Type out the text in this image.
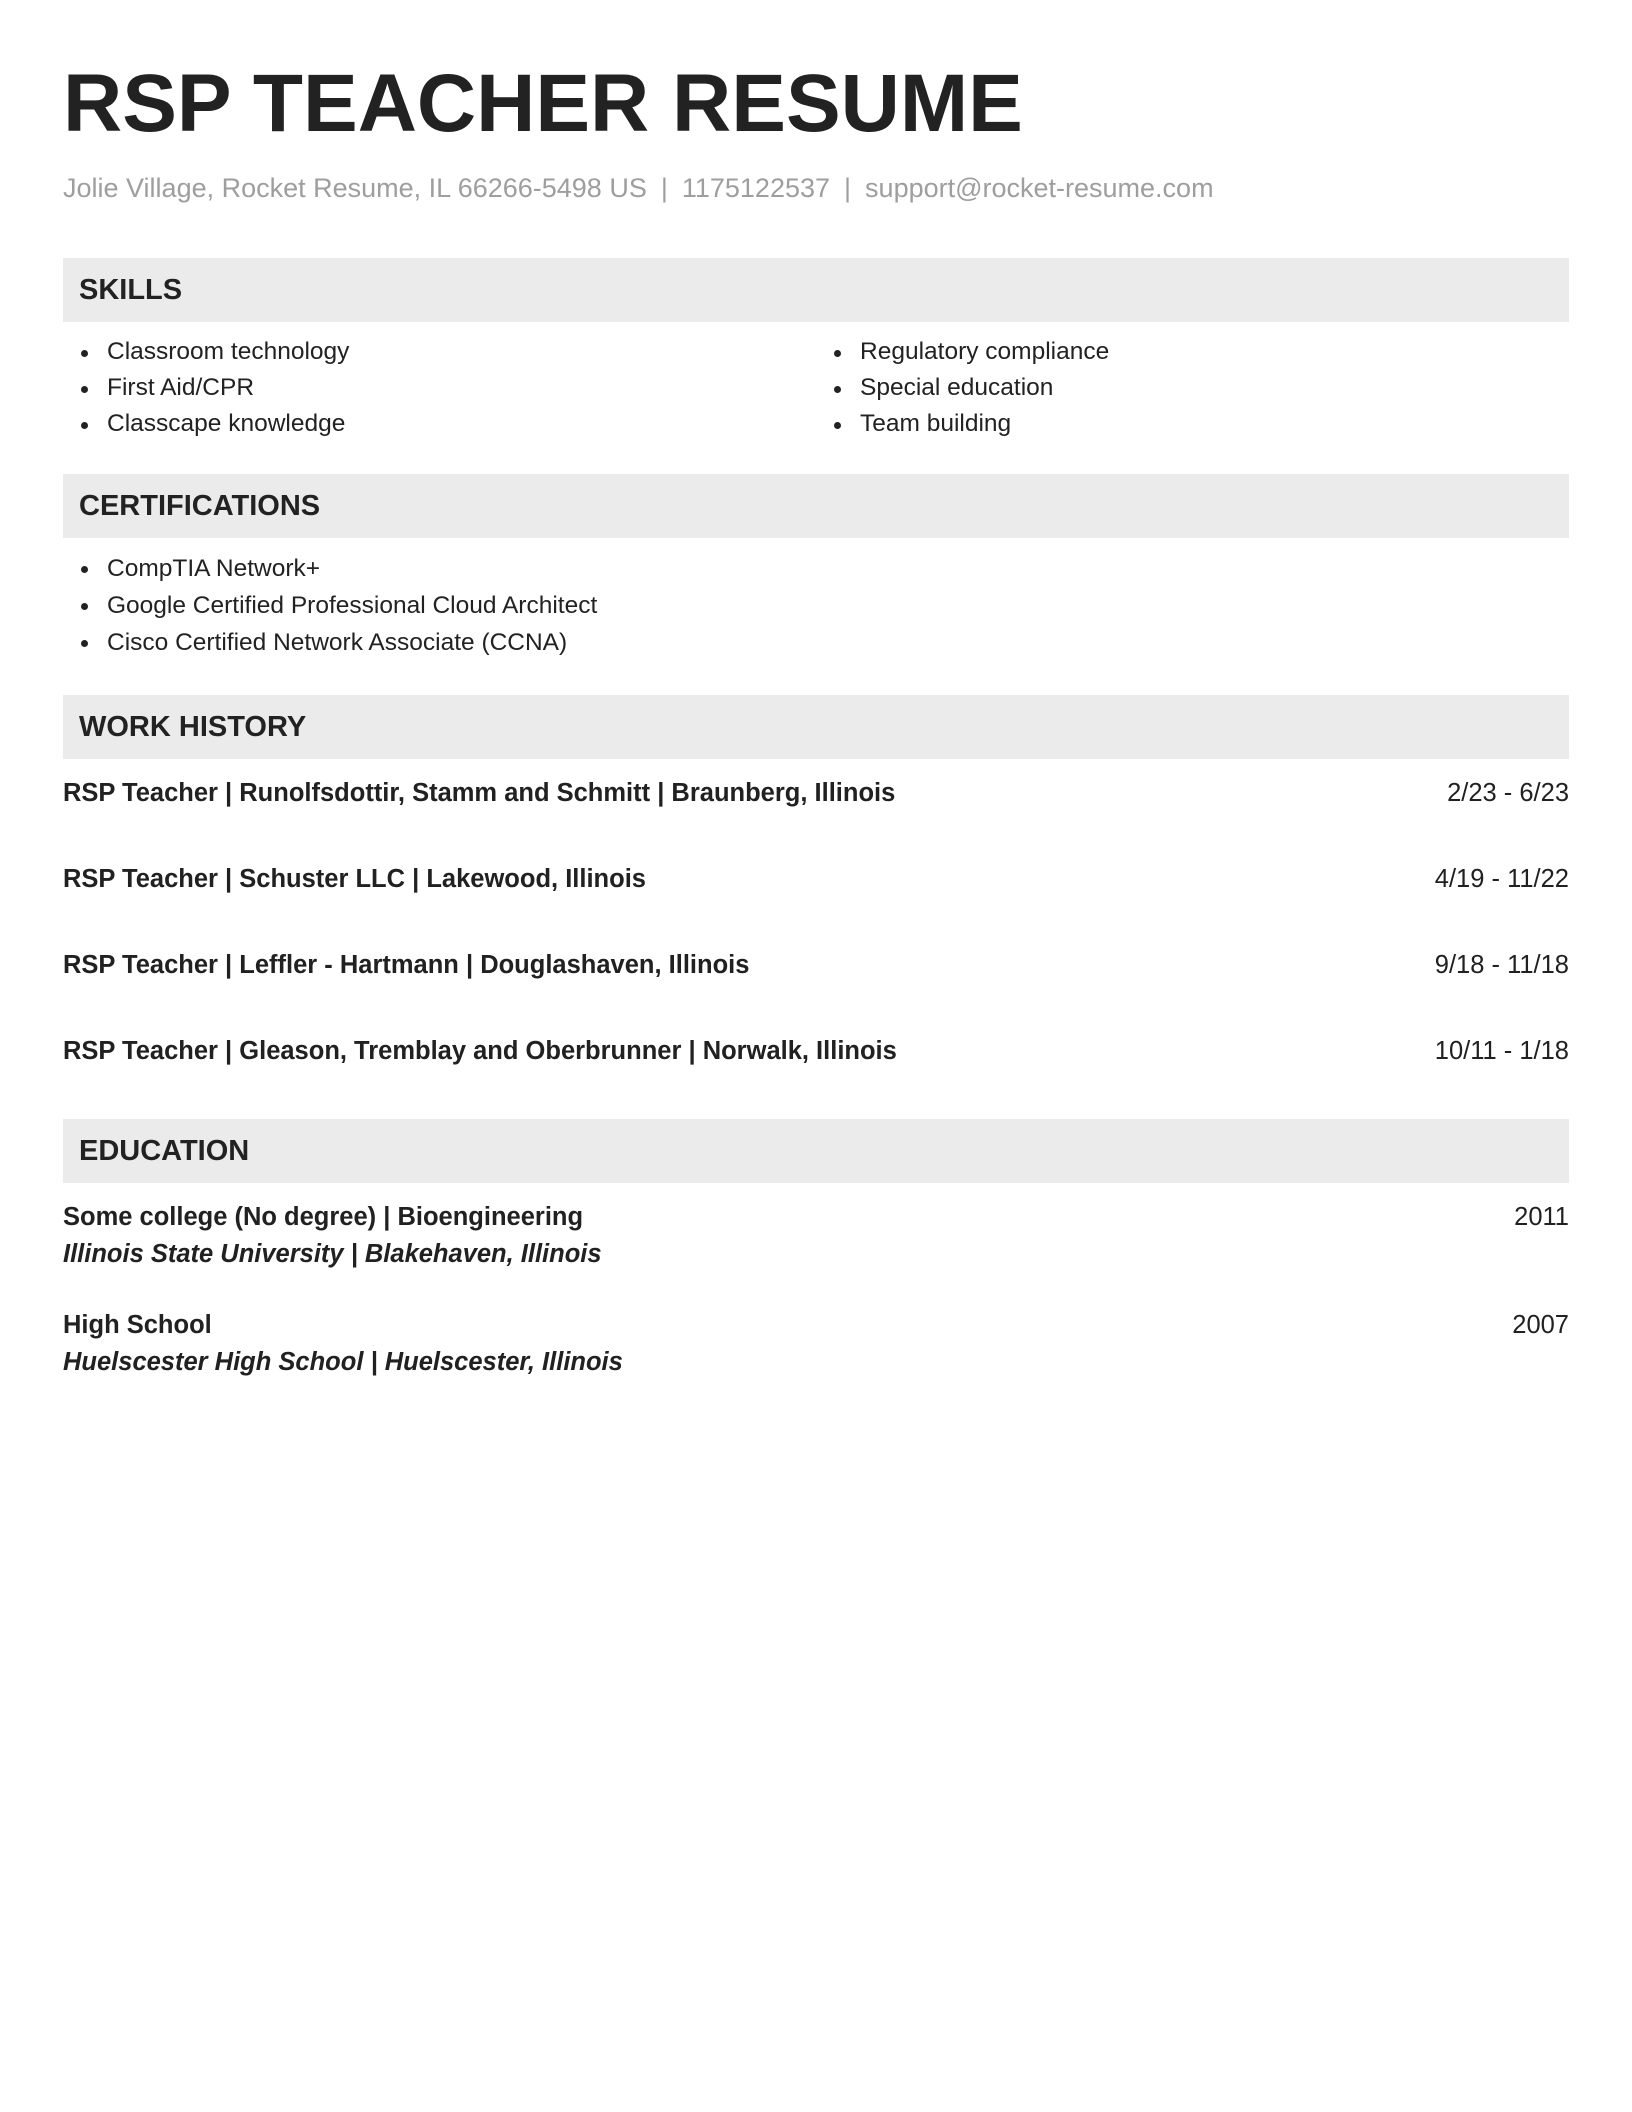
RSP TEACHER RESUME
Jolie Village, Rocket Resume, IL 66266-5498 US | 1175122537 | support@rocket-resume.com
SKILLS
Classroom technology
First Aid/CPR
Classcape knowledge
Regulatory compliance
Special education
Team building
CERTIFICATIONS
CompTIA Network+
Google Certified Professional Cloud Architect
Cisco Certified Network Associate (CCNA)
WORK HISTORY
RSP Teacher | Runolfsdottir, Stamm and Schmitt | Braunberg, Illinois	2/23 - 6/23
RSP Teacher | Schuster LLC | Lakewood, Illinois	4/19 - 11/22
RSP Teacher | Leffler - Hartmann | Douglashaven, Illinois	9/18 - 11/18
RSP Teacher | Gleason, Tremblay and Oberbrunner | Norwalk, Illinois	10/11 - 1/18
EDUCATION
Some college (No degree) | Bioengineering	2011
Illinois State University | Blakehaven, Illinois
High School	2007
Huelscester High School | Huelscester, Illinois
